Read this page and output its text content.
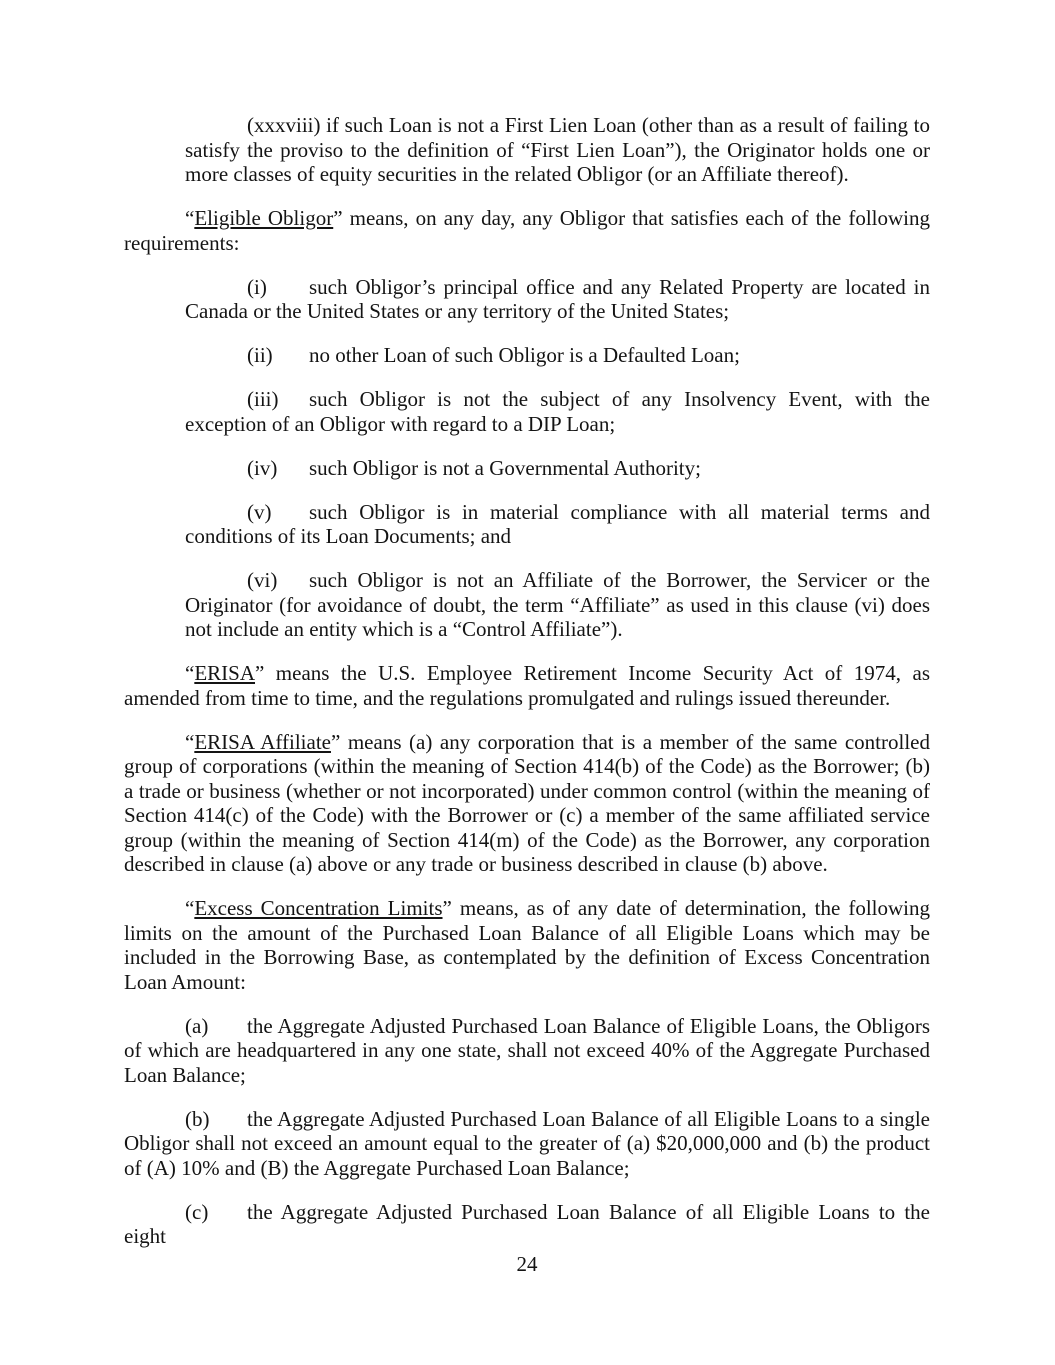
(xxxviii) if such Loan is not a First Lien Loan (other than as a result of failing to satisfy the proviso to the definition of “First Lien Loan”), the Originator holds one or more classes of equity securities in the related Obligor (or an Affiliate thereof).

“Eligible Obligor” means, on any day, any Obligor that satisfies each of the following requirements:

(i) such Obligor’s principal office and any Related Property are located in Canada or the United States or any territory of the United States;

(ii) no other Loan of such Obligor is a Defaulted Loan;

(iii) such Obligor is not the subject of any Insolvency Event, with the exception of an Obligor with regard to a DIP Loan;

(iv) such Obligor is not a Governmental Authority;

(v) such Obligor is in material compliance with all material terms and conditions of its Loan Documents; and

(vi) such Obligor is not an Affiliate of the Borrower, the Servicer or the Originator (for avoidance of doubt, the term “Affiliate” as used in this clause (vi) does not include an entity which is a “Control Affiliate”).

“ERISA” means the U.S. Employee Retirement Income Security Act of 1974, as amended from time to time, and the regulations promulgated and rulings issued thereunder.

“ERISA Affiliate” means (a) any corporation that is a member of the same controlled group of corporations (within the meaning of Section 414(b) of the Code) as the Borrower; (b) a trade or business (whether or not incorporated) under common control (within the meaning of Section 414(c) of the Code) with the Borrower or (c) a member of the same affiliated service group (within the meaning of Section 414(m) of the Code) as the Borrower, any corporation described in clause (a) above or any trade or business described in clause (b) above.

“Excess Concentration Limits” means, as of any date of determination, the following limits on the amount of the Purchased Loan Balance of all Eligible Loans which may be included in the Borrowing Base, as contemplated by the definition of Excess Concentration Loan Amount:

(a) the Aggregate Adjusted Purchased Loan Balance of Eligible Loans, the Obligors of which are headquartered in any one state, shall not exceed 40% of the Aggregate Purchased Loan Balance;

(b) the Aggregate Adjusted Purchased Loan Balance of all Eligible Loans to a single Obligor shall not exceed an amount equal to the greater of (a) $20,000,000 and (b) the product of (A) 10% and (B) the Aggregate Purchased Loan Balance;

(c) the Aggregate Adjusted Purchased Loan Balance of all Eligible Loans to the eight

24
